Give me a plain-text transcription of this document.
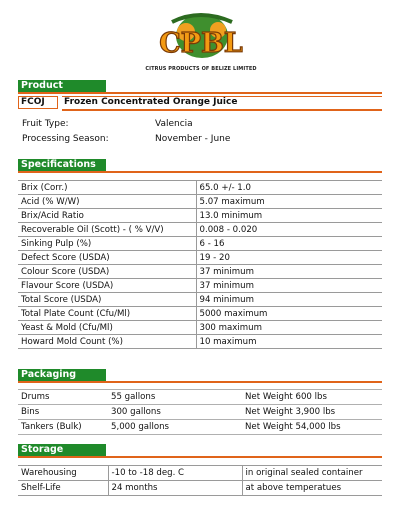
CPBL
CITRUS PRODUCTS OF BELIZE LIMITED
Product
FCOJ	Frozen Concentrated Orange Juice
Fruit Type:	Valencia
Processing Season:	November - June
Specifications
Brix (Corr.)	65.0 +/- 1.0
Acid (% W/W)	5.07 maximum
Brix/Acid Ratio	13.0 minimum
Recoverable Oil (Scott) - ( % V/V)	0.008 - 0.020
Sinking Pulp (%)	6 - 16
Defect Score (USDA)	19 - 20
Colour Score (USDA)	37 minimum
Flavour Score (USDA)	37 minimum
Total Score (USDA)	94 minimum
Total Plate Count (Cfu/Ml)	5000 maximum
Yeast & Mold (Cfu/Ml)	300 maximum
Howard Mold Count (%)	10 maximum
Packaging
Drums	55 gallons	Net Weight 600 lbs
Bins	300 gallons	Net Weight 3,900 lbs
Tankers (Bulk)	5,000 gallons	Net Weight 54,000 lbs
Storage
Warehousing	-10 to -18 deg. C	in original sealed container
Shelf-Life	24 months	at above temperatues
